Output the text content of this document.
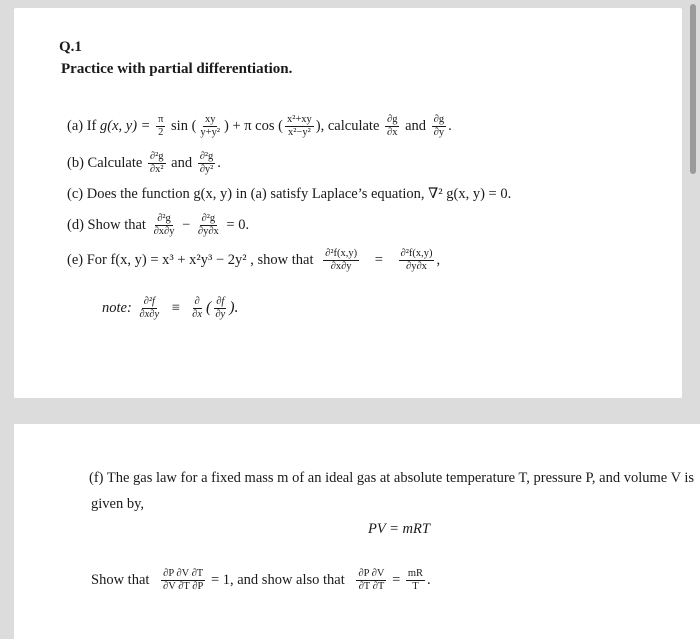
Q.1
Practice with partial differentiation.
(a) If g(x, $y) = \frac{\pi}{2}$ sin ( $\frac{xy}{\text{y+y²}}$ ) + π cos ( $\frac{\text{x²+xy}}{\text{x²−y²}}$ ), calculate $\frac{\partial g}{\partial x}$ and $\frac{\partial g}{\partial y}$ .
(b) Calculate $\frac{\text{∂²g}}{\text{∂x²}}$ and $\frac{\text{∂²g}}{\text{∂y²}}$ .
(c) Does the function g(x, y) in (a) satisfy Laplace’s equation, ∇² g(x, y) = 0.
(d) Show that $\frac{\text{∂²g}}{\partial x\partial y} - \frac{\text{∂²g}}{\partial y\partial x} = 0$.
(e) For f(x, y) = x³ + x²y³ − 2y² , show that $\frac{\text{∂²f(x,y)}}{\partial x\partial y} = \frac{\text{∂²f(x,y)}}{\partial y\partial x}$ ,
note: $\frac{\text{∂²f}}{\partial x\partial y} \equiv \frac{\partial}{\partial x}$ ( $\frac{\partial f}{\partial y}$ ).
(f) The gas law for a fixed mass m of an ideal gas at absolute temperature T, pressure P, and volume V is
given by,
PV = mRT
Show that $\frac{\partial P \partial V \partial T}{\partial V \partial T \partial P} = 1$, and show also that $\frac{\partial P \partial V}{\partial T \partial T} = \frac{mR}{T}$ .
